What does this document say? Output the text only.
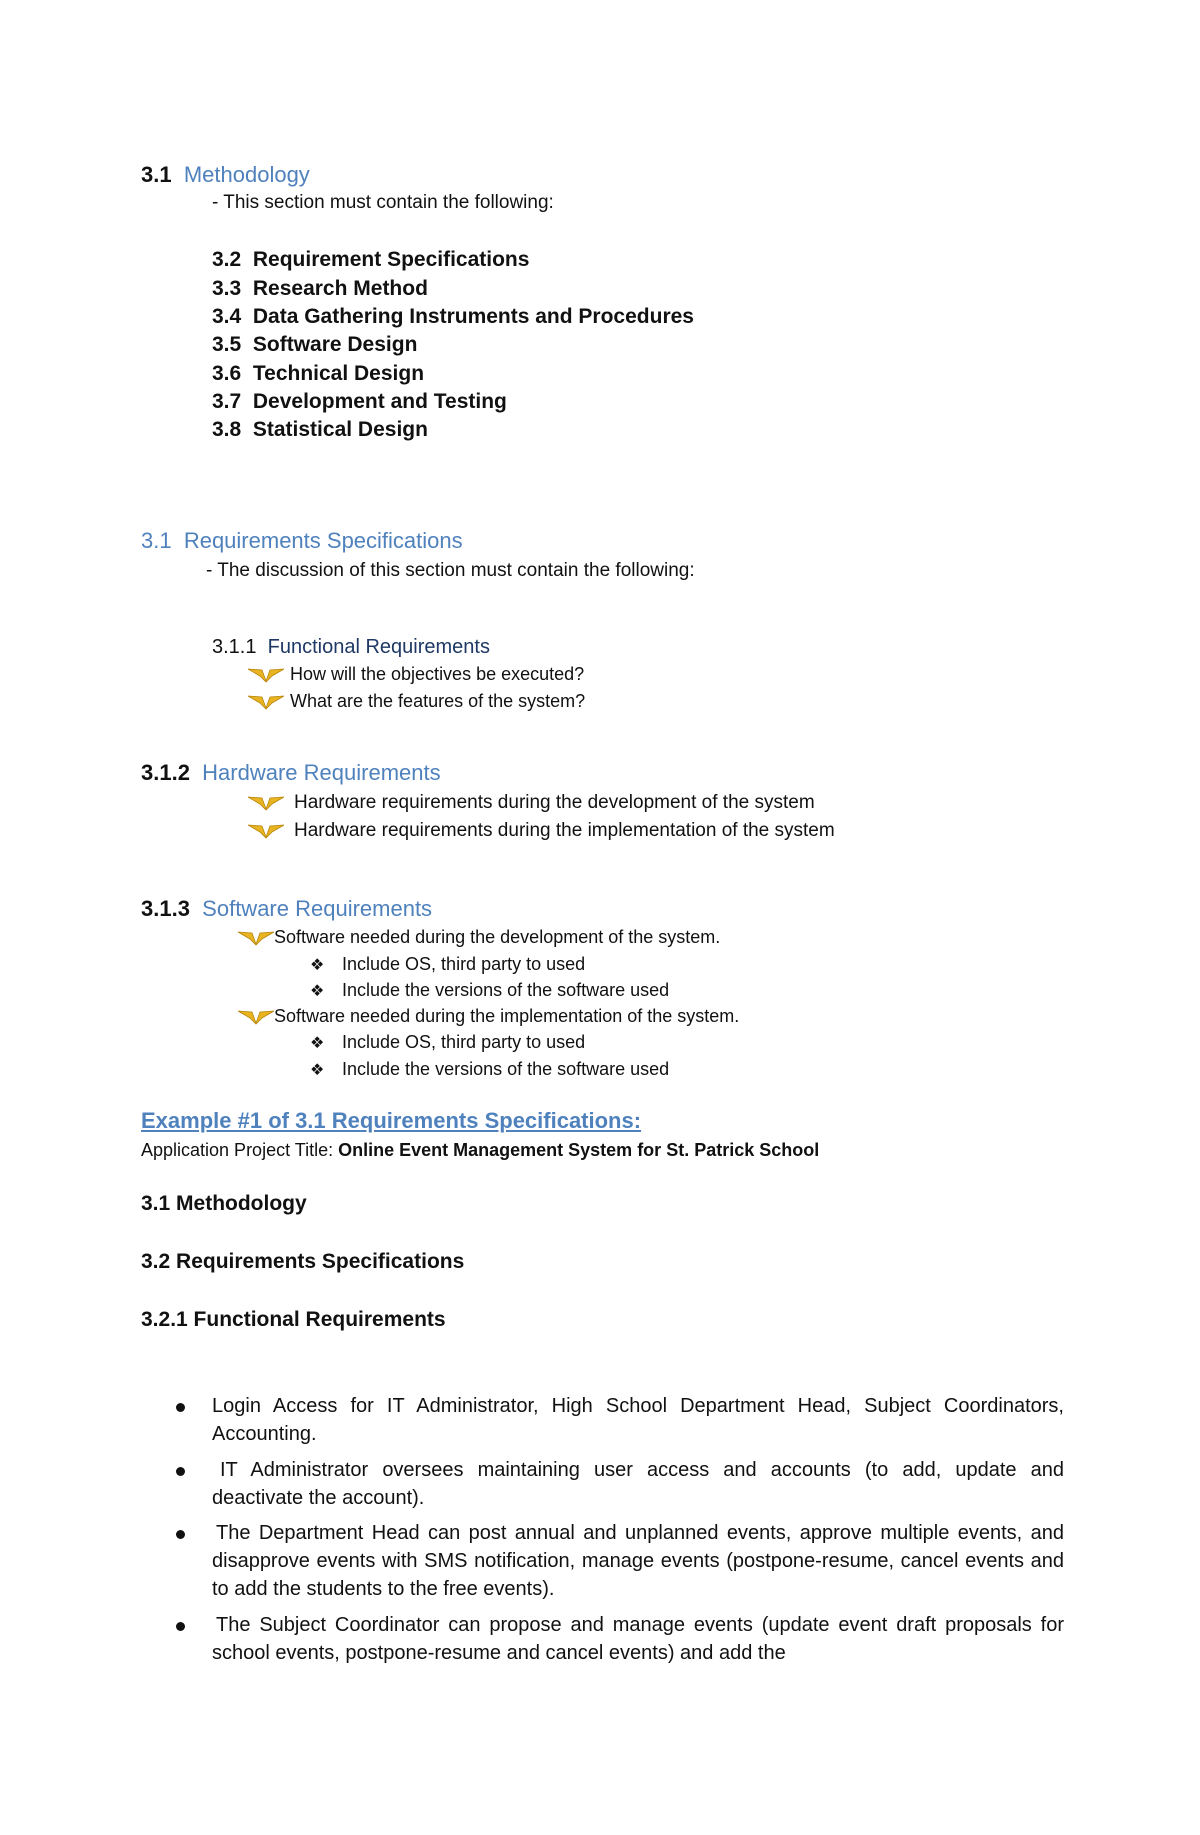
3.1 Methodology
- This section must contain the following:
3.2 Requirement Specifications
3.3 Research Method
3.4 Data Gathering Instruments and Procedures
3.5 Software Design
3.6 Technical Design
3.7 Development and Testing
3.8 Statistical Design
3.1 Requirements Specifications
- The discussion of this section must contain the following:
3.1.1 Functional Requirements
How will the objectives be executed?
What are the features of the system?
3.1.2 Hardware Requirements
Hardware requirements during the development of the system
Hardware requirements during the implementation of the system
3.1.3 Software Requirements
Software needed during the development of the system.
❖ Include OS, third party to used
❖ Include the versions of the software used
Software needed during the implementation of the system.
❖ Include OS, third party to used
❖ Include the versions of the software used
Example #1 of 3.1 Requirements Specifications:
Application Project Title: Online Event Management System for St. Patrick School
3.1 Methodology
3.2 Requirements Specifications
3.2.1 Functional Requirements
Login Access for IT Administrator, High School Department Head, Subject Coordinators, Accounting.
IT Administrator oversees maintaining user access and accounts (to add, update and deactivate the account).
The Department Head can post annual and unplanned events, approve multiple events, and disapprove events with SMS notification, manage events (postpone-resume, cancel events and to add the students to the free events).
The Subject Coordinator can propose and manage events (update event draft proposals for school events, postpone-resume and cancel events) and add the
